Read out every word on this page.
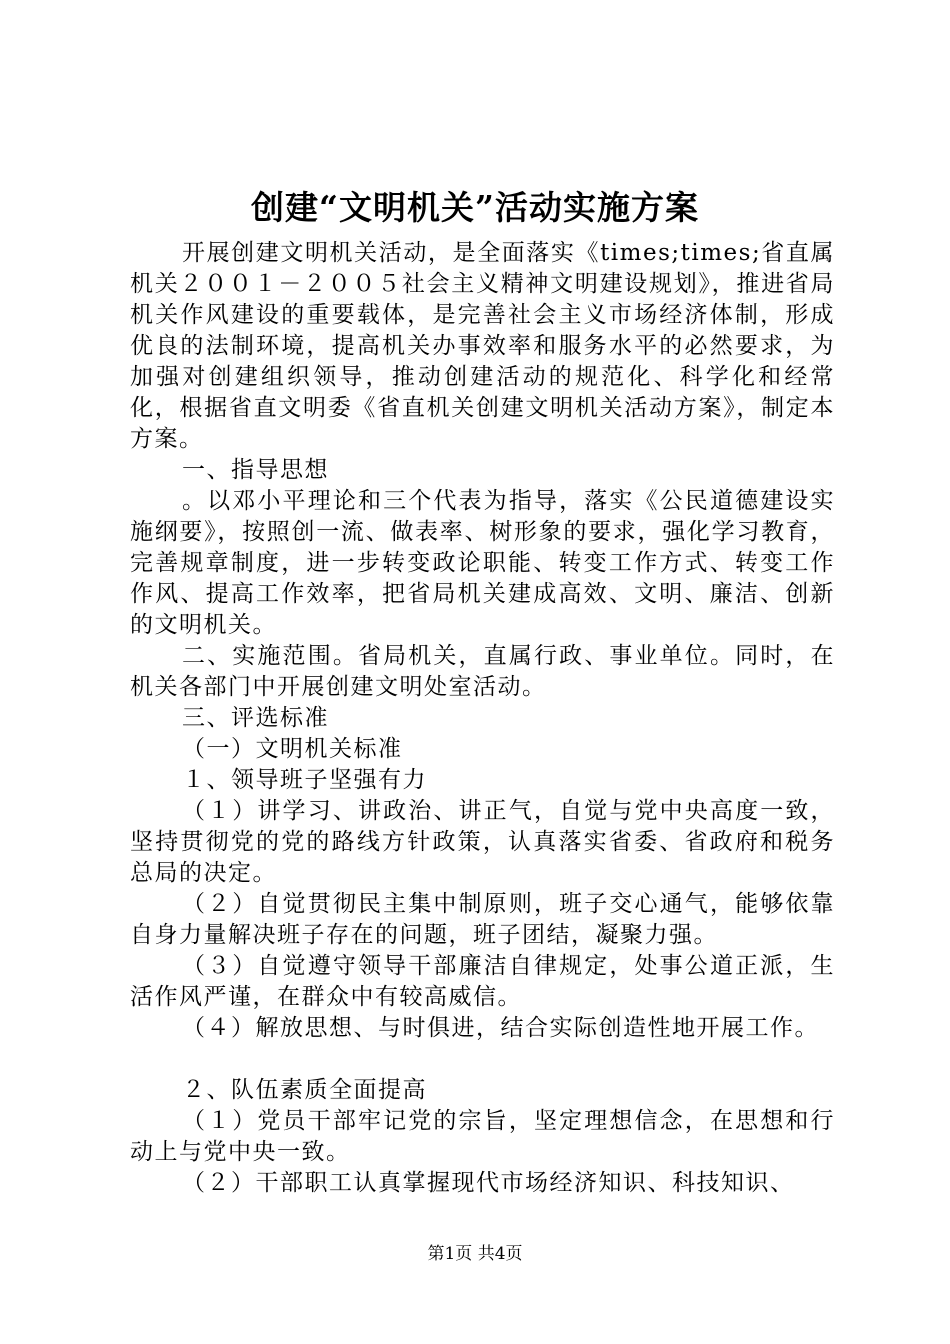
创建“文明机关”活动实施方案

开展创建文明机关活动，是全面落实《times;times;省直属机关２００１－２００５社会主义精神文明建设规划》，推进省局机关作风建设的重要载体，是完善社会主义市场经济体制，形成优良的法制环境，提高机关办事效率和服务水平的必然要求，为加强对创建组织领导，推动创建活动的规范化、科学化和经常化，根据省直文明委《省直机关创建文明机关活动方案》，制定本方案。

一、指导思想

。以邓小平理论和三个代表为指导，落实《公民道德建设实施纲要》，按照创一流、做表率、树形象的要求，强化学习教育，完善规章制度，进一步转变政论职能、转变工作方式、转变工作作风、提高工作效率，把省局机关建成高效、文明、廉洁、创新的文明机关。

二、实施范围。省局机关，直属行政、事业单位。同时，在机关各部门中开展创建文明处室活动。

三、评选标准

（一）文明机关标准

１、领导班子坚强有力

（１）讲学习、讲政治、讲正气，自觉与党中央高度一致，坚持贯彻党的党的路线方针政策，认真落实省委、省政府和税务总局的决定。

（２）自觉贯彻民主集中制原则，班子交心通气，能够依靠自身力量解决班子存在的问题，班子团结，凝聚力强。

（３）自觉遵守领导干部廉洁自律规定，处事公道正派，生活作风严谨，在群众中有较高威信。

（４）解放思想、与时俱进，结合实际创造性地开展工作。

２、队伍素质全面提高

（１）党员干部牢记党的宗旨，坚定理想信念，在思想和行动上与党中央一致。

（２）干部职工认真掌握现代市场经济知识、科技知识、

第1页 共4页
